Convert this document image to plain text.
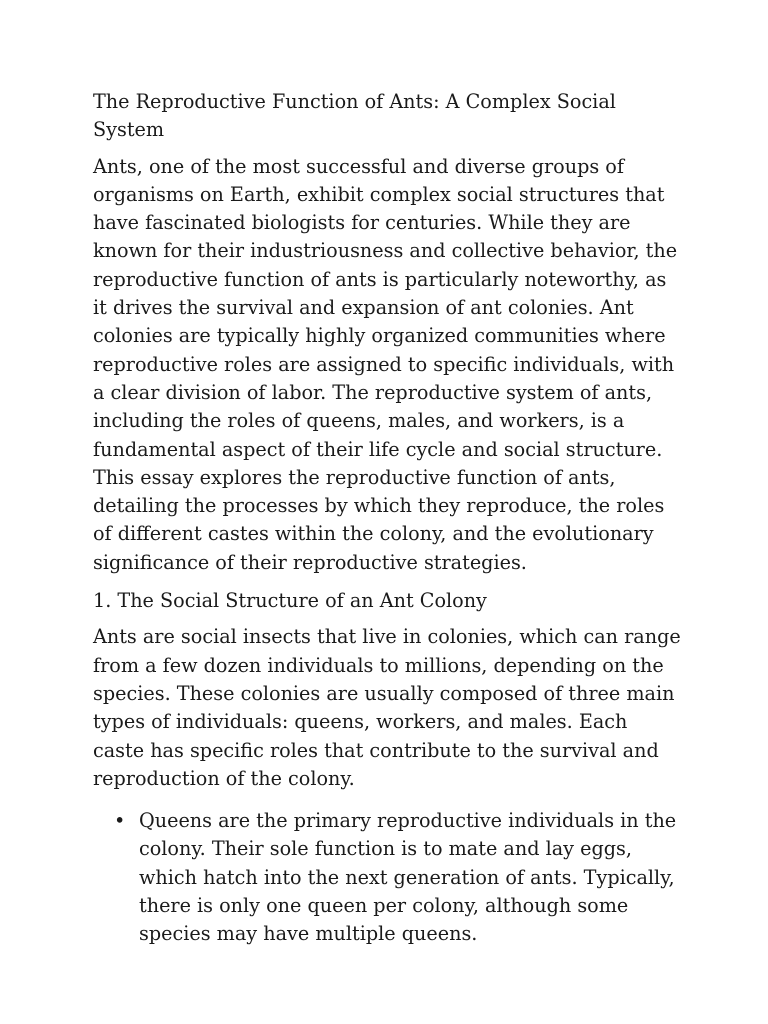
The Reproductive Function of Ants: A Complex Social System

Ants, one of the most successful and diverse groups of organisms on Earth, exhibit complex social structures that have fascinated biologists for centuries. While they are known for their industriousness and collective behavior, the reproductive function of ants is particularly noteworthy, as it drives the survival and expansion of ant colonies. Ant colonies are typically highly organized communities where reproductive roles are assigned to specific individuals, with a clear division of labor. The reproductive system of ants, including the roles of queens, males, and workers, is a fundamental aspect of their life cycle and social structure. This essay explores the reproductive function of ants, detailing the processes by which they reproduce, the roles of different castes within the colony, and the evolutionary significance of their reproductive strategies.

1. The Social Structure of an Ant Colony

Ants are social insects that live in colonies, which can range from a few dozen individuals to millions, depending on the species. These colonies are usually composed of three main types of individuals: queens, workers, and males. Each caste has specific roles that contribute to the survival and reproduction of the colony.

• Queens are the primary reproductive individuals in the colony. Their sole function is to mate and lay eggs, which hatch into the next generation of ants. Typically, there is only one queen per colony, although some species may have multiple queens.
